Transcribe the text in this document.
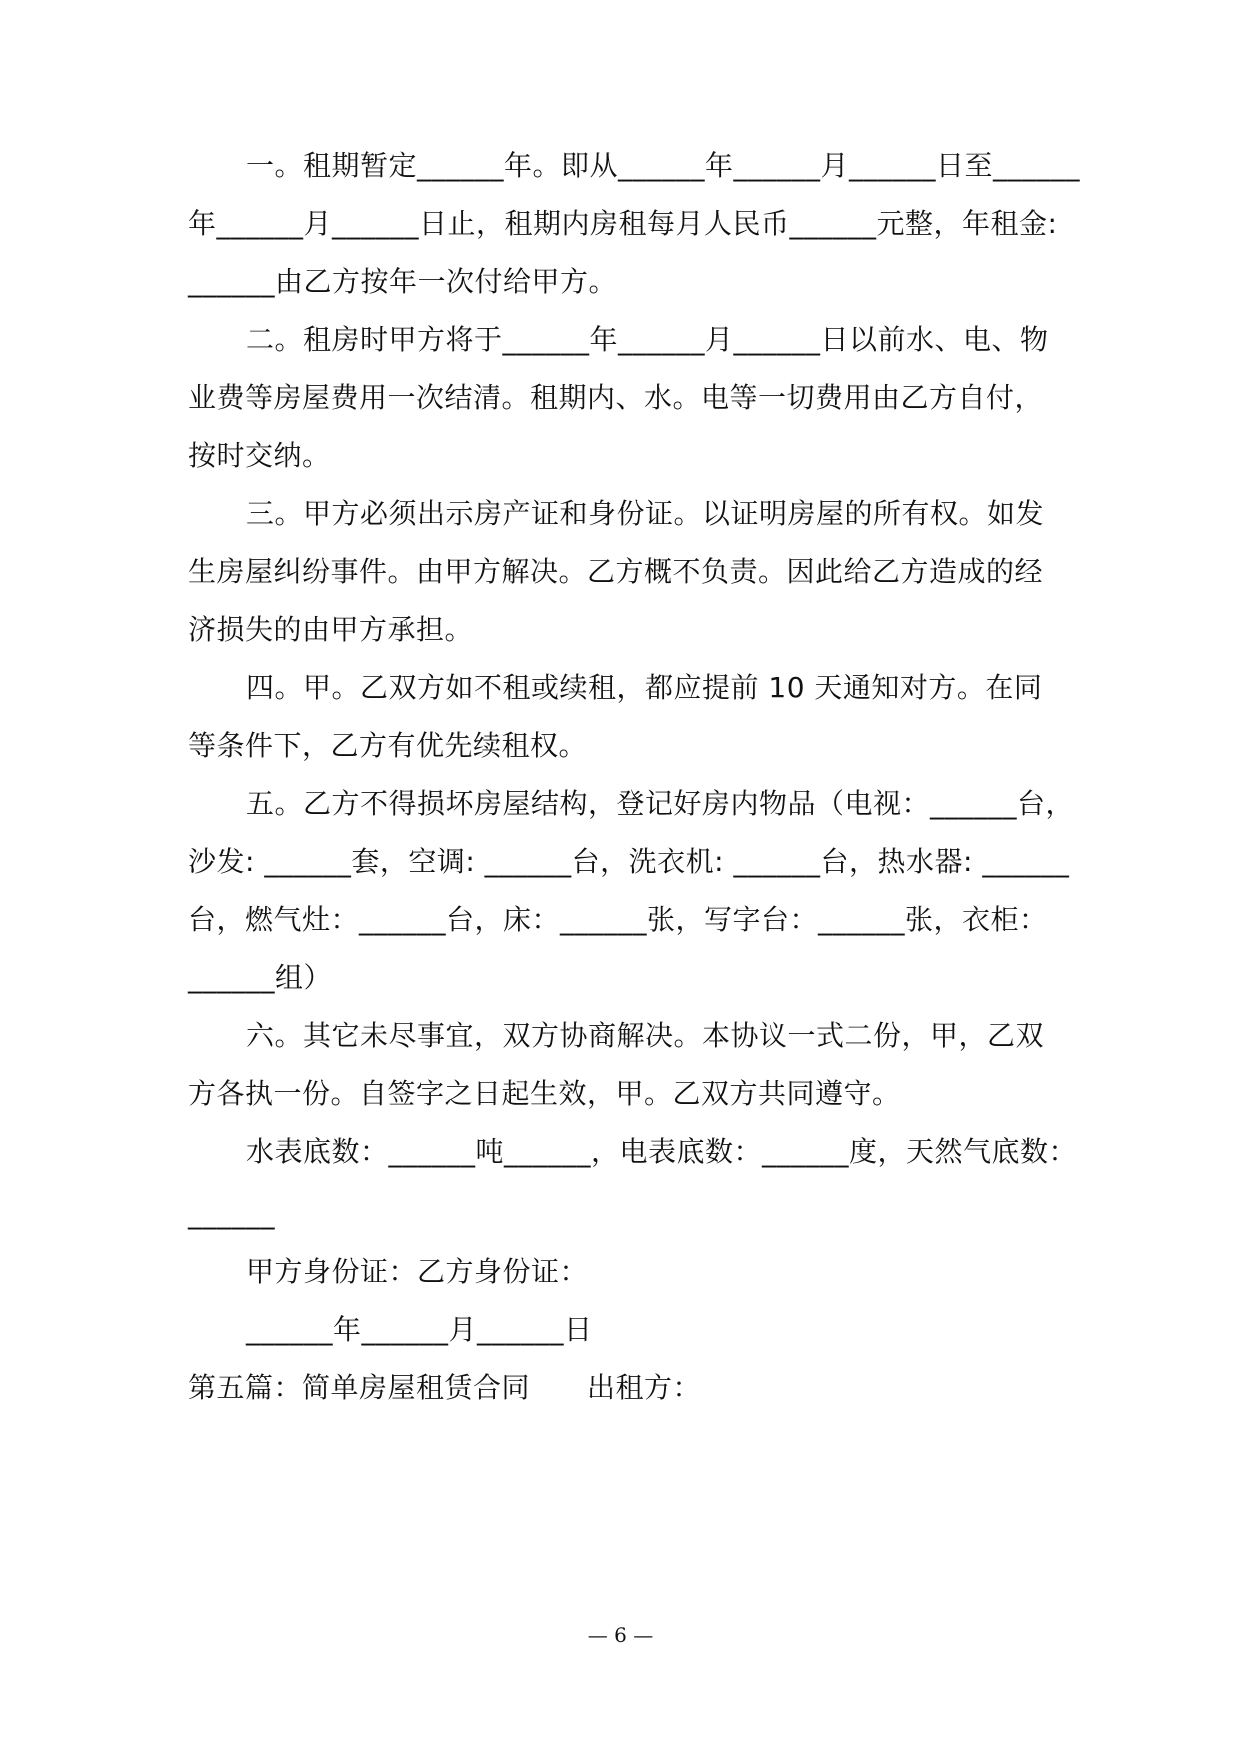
一。租期暂定______年。即从______年______月______日至______
年______月______日止，租期内房租每月人民币______元整，年租金:
______由乙方按年一次付给甲方。
二。租房时甲方将于______年______月______日以前水、电、物
业费等房屋费用一次结清。租期内、水。电等一切费用由乙方自付，
按时交纳。
三。甲方必须出示房产证和身份证。以证明房屋的所有权。如发
生房屋纠纷事件。由甲方解决。乙方概不负责。因此给乙方造成的经
济损失的由甲方承担。
四。甲。乙双方如不租或续租，都应提前 10 天通知对方。在同
等条件下，乙方有优先续租权。
五。乙方不得损坏房屋结构，登记好房内物品（电视：______台，
沙发: ______套，空调: ______台，洗衣机: ______台，热水器: ______
台，燃气灶：______台，床：______张，写字台：______张，衣柜：
______组）
六。其它未尽事宜，双方协商解决。本协议一式二份，甲，乙双
方各执一份。自签字之日起生效，甲。乙双方共同遵守。
水表底数：______吨______，电表底数：______度，天然气底数：
______
甲方身份证：乙方身份证：
______年______月______日
第五篇：简单房屋租赁合同　　出租方：
— 6 —
